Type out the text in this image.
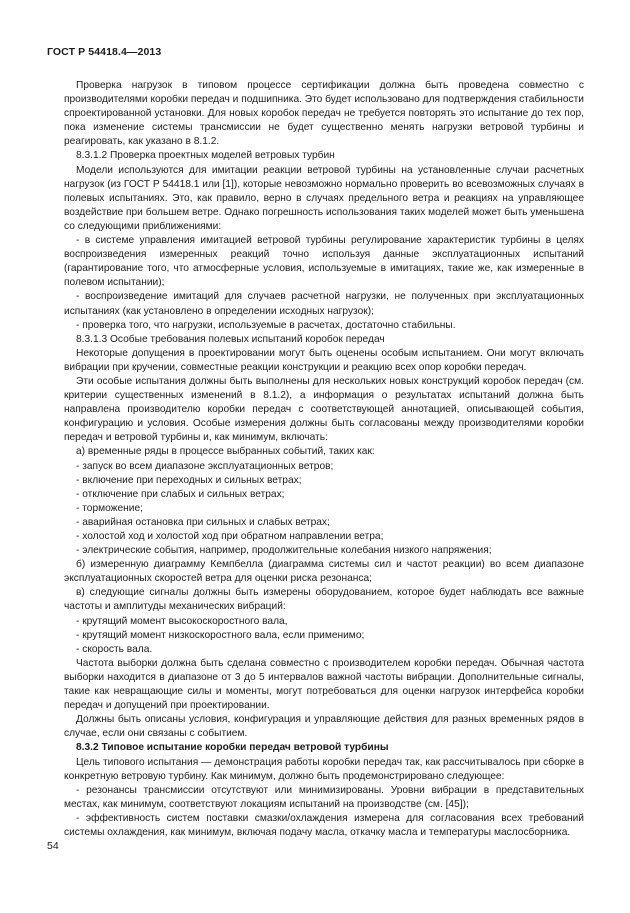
ГОСТ Р 54418.4—2013

Проверка нагрузок в типовом процессе сертификации должна быть проведена совместно с производителями коробки передач и подшипника. Это будет использовано для подтверждения стабильности спроектированной установки. Для новых коробок передач не требуется повторять это испытание до тех пор, пока изменение системы трансмиссии не будет существенно менять нагрузки ветровой турбины и реагировать, как указано в 8.1.2.

8.3.1.2 Проверка проектных моделей ветровых турбин

Модели используются для имитации реакции ветровой турбины на установленные случаи расчетных нагрузок (из ГОСТ Р 54418.1 или [1]), которые невозможно нормально проверить во всевозможных случаях в полевых испытаниях. Это, как правило, верно в случаях предельного ветра и реакциях на управляющее воздействие при большем ветре. Однако погрешность использования таких моделей может быть уменьшена со следующими приближениями:

- в системе управления имитацией ветровой турбины регулирование характеристик турбины в целях воспроизведения измеренных реакций точно используя данные эксплуатационных испытаний (гарантирование того, что атмосферные условия, используемые в имитациях, такие же, как измеренные в полевом испытании);

- воспроизведение имитаций для случаев расчетной нагрузки, не полученных при эксплуатационных испытаниях (как установлено в определении исходных нагрузок);

- проверка того, что нагрузки, используемые в расчетах, достаточно стабильны.

8.3.1.3 Особые требования полевых испытаний коробок передач

Некоторые допущения в проектировании могут быть оценены особым испытанием. Они могут включать вибрации при кручении, совместные реакции конструкции и реакцию всех опор коробки передач.

Эти особые испытания должны быть выполнены для нескольких новых конструкций коробок передач (см. критерии существенных изменений в 8.1.2), а информация о результатах испытаний должна быть направлена производителю коробки передач с соответствующей аннотацией, описывающей события, конфигурацию и условия. Особые измерения должны быть согласованы между производителями коробки передач и ветровой турбины и, как минимум, включать:

а) временные ряды в процессе выбранных событий, таких как:

- запуск во всем диапазоне эксплуатационных ветров;

- включение при переходных и сильных ветрах;

- отключение при слабых и сильных ветрах;

- торможение;

- аварийная остановка при сильных и слабых ветрах;

- холостой ход и холостой ход при обратном направлении ветра;

- электрические события, например, продолжительные колебания низкого напряжения;

б) измеренную диаграмму Кемпбелла (диаграмма системы сил и частот реакции) во всем диапазоне эксплуатационных скоростей ветра для оценки риска резонанса;

в) следующие сигналы должны быть измерены оборудованием, которое будет наблюдать все важные частоты и амплитуды механических вибраций:

- крутящий момент высокоскоростного вала,

- крутящий момент низкоскоростного вала, если применимо;

- скорость вала.

Частота выборки должна быть сделана совместно с производителем коробки передач. Обычная частота выборки находится в диапазоне от 3 до 5 интервалов важной частоты вибрации. Дополнительные сигналы, такие как невращающие силы и моменты, могут потребоваться для оценки нагрузок интерфейса коробки передач и допущений при проектировании.

Должны быть описаны условия, конфигурация и управляющие действия для разных временных рядов в случае, если они связаны с событием.

8.3.2 Типовое испытание коробки передач ветровой турбины

Цель типового испытания — демонстрация работы коробки передач так, как рассчитывалось при сборке в конкретную ветровую турбину. Как минимум, должно быть продемонстрировано следующее:

- резонансы трансмиссии отсутствуют или минимизированы. Уровни вибрации в представительных местах, как минимум, соответствуют локациям испытаний на производстве (см. [45]);

- эффективность систем поставки смазки/охлаждения измерена для согласования всех требований системы охлаждения, как минимум, включая подачу масла, откачку масла и температуры маслосборника.

54
